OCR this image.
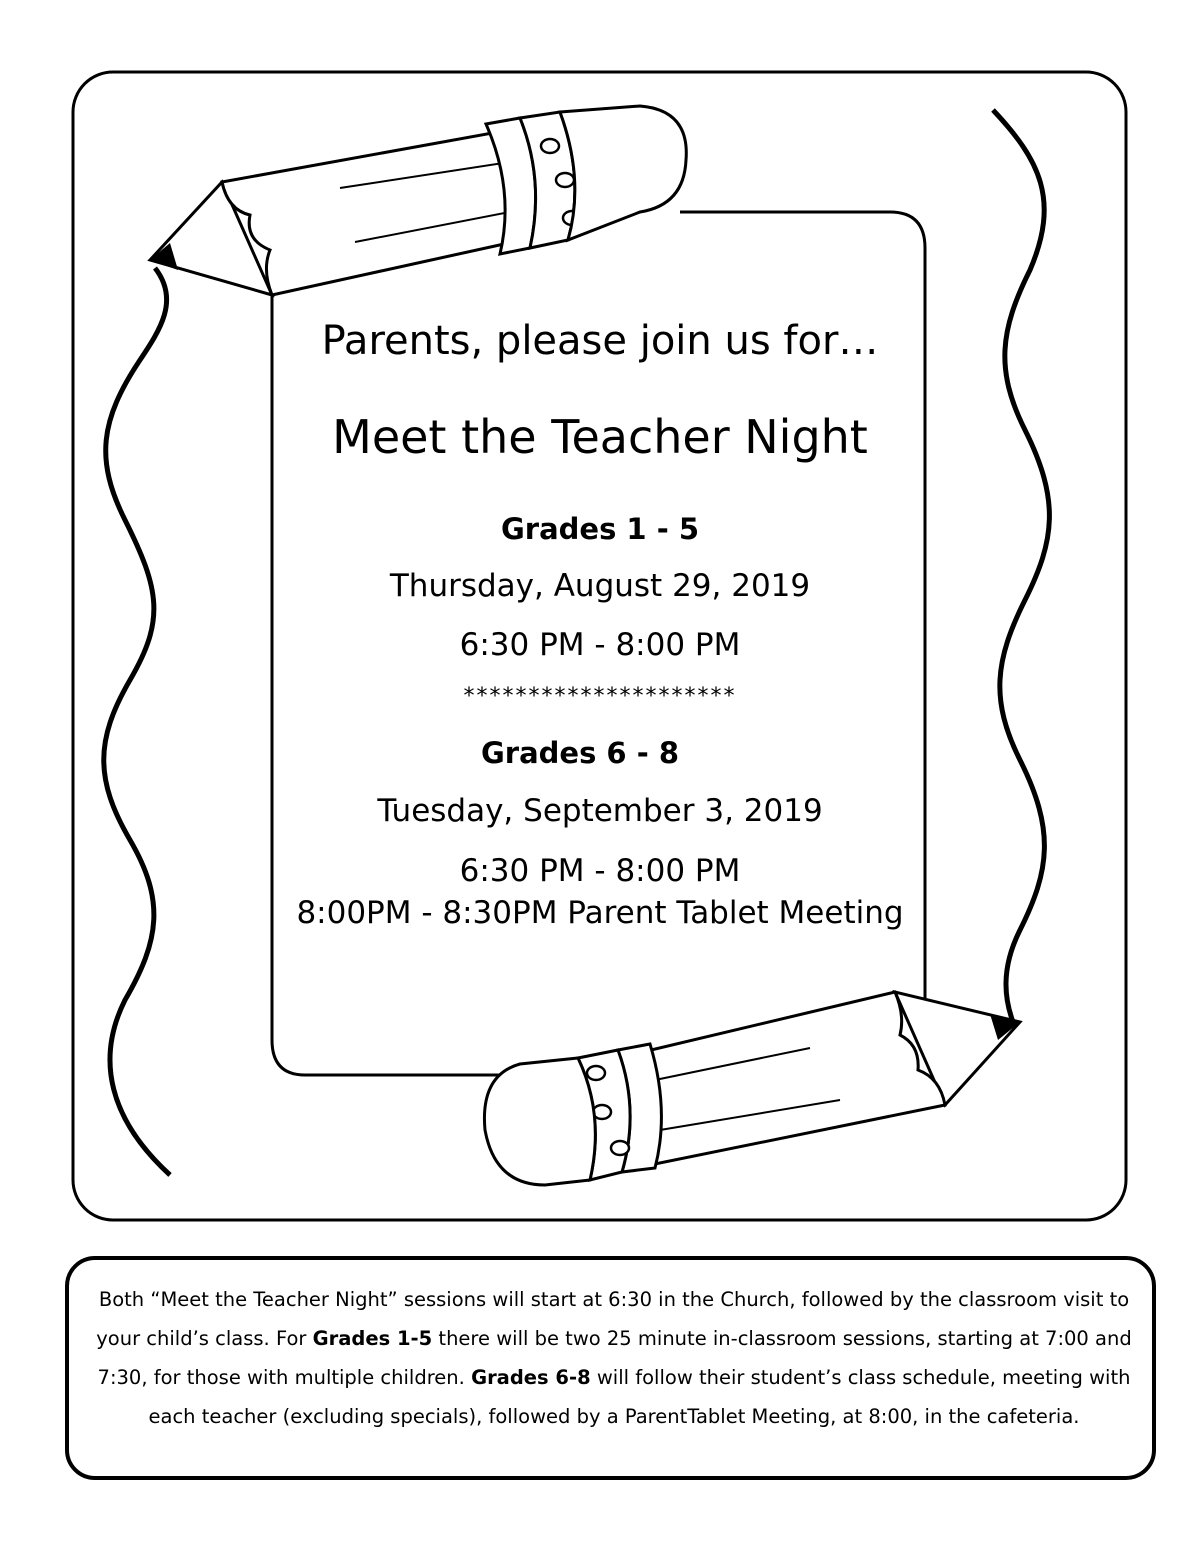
Parents, please join us for…
Meet the Teacher Night
Grades 1 - 5
Thursday, August 29, 2019
6:30 PM - 8:00 PM
*********************
Grades 6 - 8
Tuesday, September 3, 2019
6:30 PM - 8:00 PM
8:00PM - 8:30PM Parent Tablet Meeting
Both “Meet the Teacher Night” sessions will start at 6:30 in the Church, followed by the classroom visit to your child’s class. For Grades 1-5 there will be two 25 minute in-classroom sessions, starting at 7:00 and 7:30, for those with multiple children. Grades 6-8 will follow their student’s class schedule, meeting with each teacher (excluding specials), followed by a ParentTablet Meeting, at 8:00, in the cafeteria.
